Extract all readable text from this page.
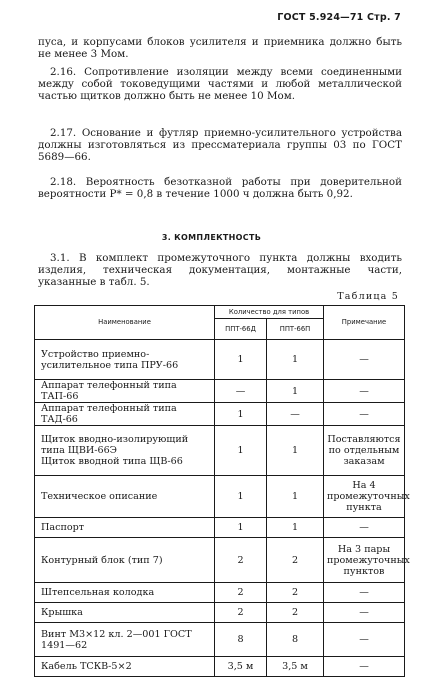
ГОСТ 5.924—71 Стр. 7

пуса, и корпусами блоков усилителя и приемника должно быть не менее 3 Мом.

2.16. Сопротивление изоляции между всеми соединенными между собой токоведущими частями и любой металлической частью щитков должно быть не менее 10 Мом.

2.17. Основание и футляр приемно-усилительного устройства должны изготовляться из прессматериала группы 03 по ГОСТ 5689—66.

2.18. Вероятность безотказной работы при доверительной вероятности P* = 0,8 в течение 1000 ч должна быть 0,92.

3. КОМПЛЕКТНОСТЬ

3.1. В комплект промежуточного пункта должны входить изделия, техническая документация, монтажные части, указанные в табл. 5.

Таблица 5
Наименование	Количество для типов		Примечание
	ППТ-66Д	ППТ-66П	
Устройство приемно-усилительное типа ПРУ-66	1	1	—
Аппарат телефонный типа ТАП-66	—	1	—
Аппарат телефонный типа ТАД-66	1	—	—
Щиток вводно-изолирующий типа ЩВИ-66Э
Щиток вводной типа ЩВ-66	1	1	Поставляются по отдельным заказам
Техническое описание	1	1	На 4 промежуточных пункта
Паспорт	1	1	—
Контурный блок (тип 7)	2	2	На 3 пары промежуточных пунктов
Штепсельная колодка	2	2	—
Крышка	2	2	—
Винт М3×12 кл. 2—001 ГОСТ 1491—62	8	8	—
Кабель ТСКВ-5×2	3,5 м	3,5 м	—
